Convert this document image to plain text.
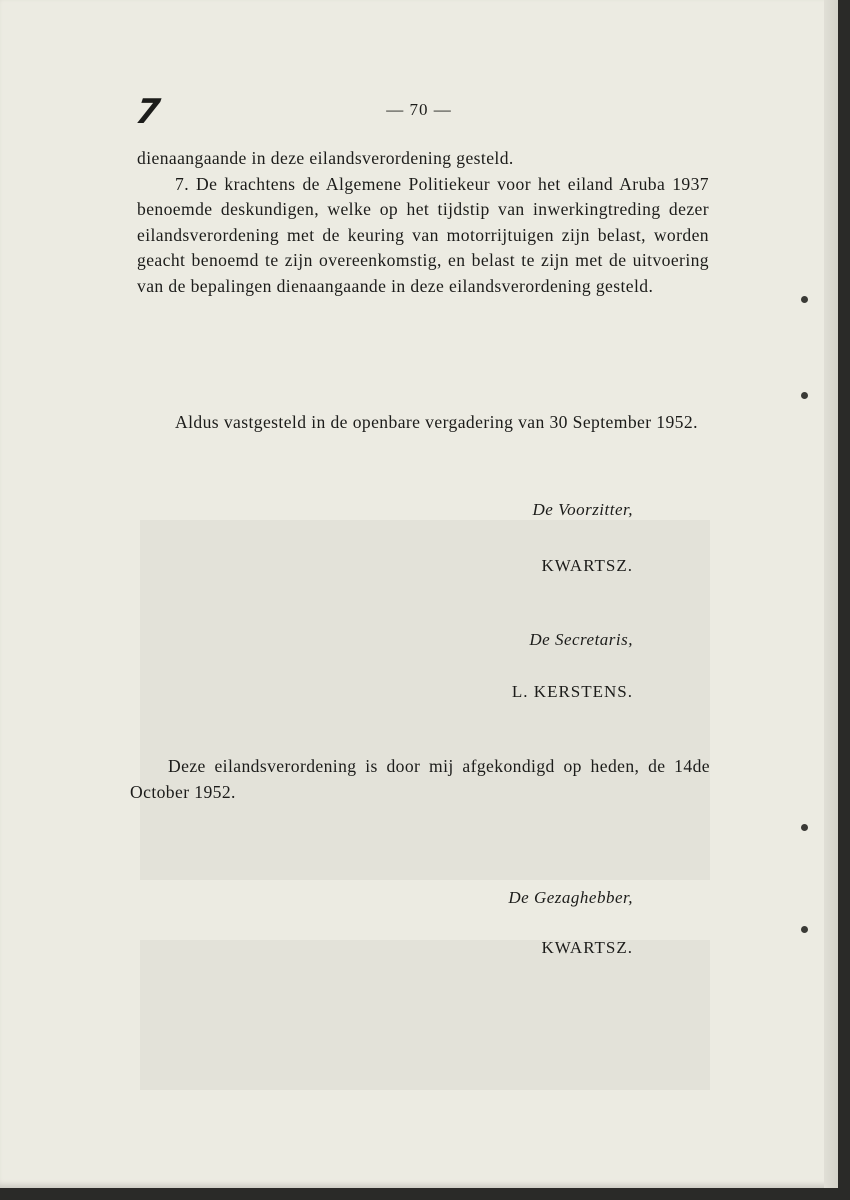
7	— 70 —

dienaangaande in deze eilandsverordening gesteld.

7. De krachtens de Algemene Politiekeur voor het eiland Aruba 1937 benoemde deskundigen, welke op het tijdstip van inwerkingtreding dezer eilandsverordening met de keuring van motorrijtuigen zijn belast, worden geacht benoemd te zijn overeenkomstig, en belast te zijn met de uitvoering van de bepalingen dienaangaande in deze eilandsverordening gesteld.

Aldus vastgesteld in de openbare vergadering van 30 September 1952.

De Voorzitter,
KWARTSZ.
De Secretaris,
L. KERSTENS.

Deze eilandsverordening is door mij afgekondigd op heden, de 14de October 1952.

De Gezaghebber,
KWARTSZ.
